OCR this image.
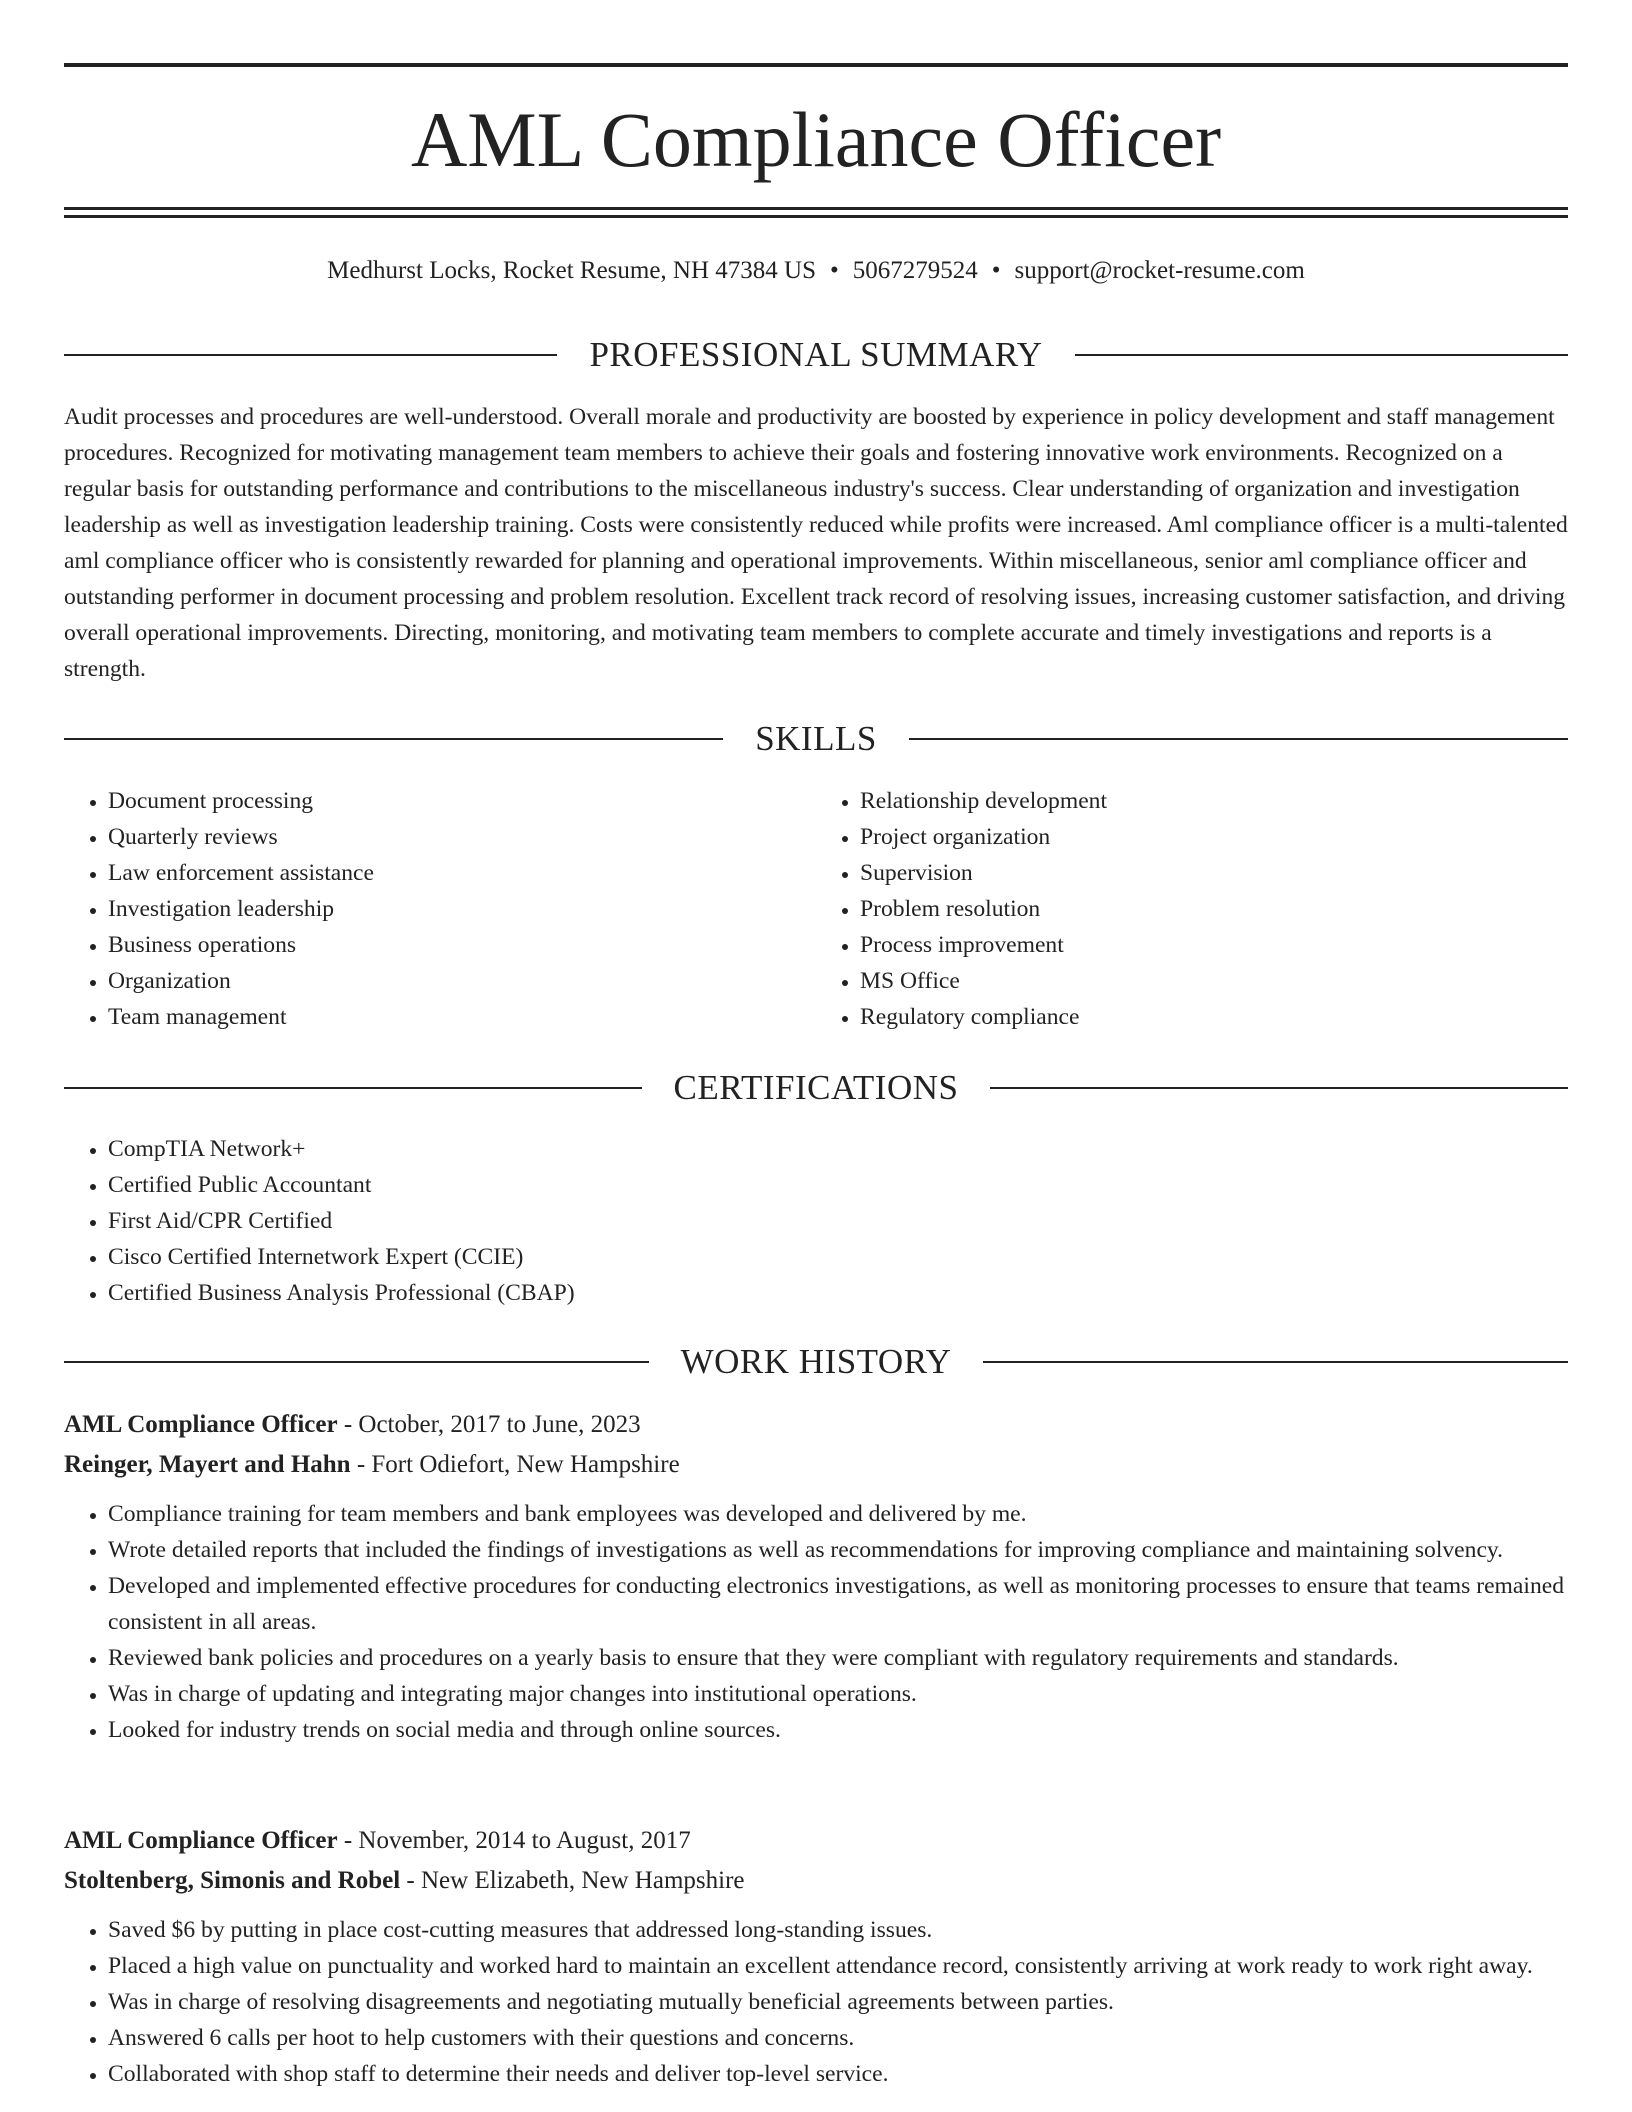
AML Compliance Officer
Medhurst Locks, Rocket Resume, NH 47384 US • 5067279524 • support@rocket-resume.com
PROFESSIONAL SUMMARY

Audit processes and procedures are well-understood. Overall morale and productivity are boosted by experience in policy development and staff management procedures. Recognized for motivating management team members to achieve their goals and fostering innovative work environments. Recognized on a regular basis for outstanding performance and contributions to the miscellaneous industry's success. Clear understanding of organization and investigation leadership as well as investigation leadership training. Costs were consistently reduced while profits were increased. Aml compliance officer is a multi-talented aml compliance officer who is consistently rewarded for planning and operational improvements. Within miscellaneous, senior aml compliance officer and outstanding performer in document processing and problem resolution. Excellent track record of resolving issues, increasing customer satisfaction, and driving overall operational improvements. Directing, monitoring, and motivating team members to complete accurate and timely investigations and reports is a strength.

SKILLS
• Document processing
• Quarterly reviews
• Law enforcement assistance
• Investigation leadership
• Business operations
• Organization
• Team management
• Relationship development
• Project organization
• Supervision
• Problem resolution
• Process improvement
• MS Office
• Regulatory compliance
CERTIFICATIONS
• CompTIA Network+
• Certified Public Accountant
• First Aid/CPR Certified
• Cisco Certified Internetwork Expert (CCIE)
• Certified Business Analysis Professional (CBAP)
WORK HISTORY
AML Compliance Officer - October, 2017 to June, 2023
Reinger, Mayert and Hahn - Fort Odiefort, New Hampshire
• Compliance training for team members and bank employees was developed and delivered by me.
• Wrote detailed reports that included the findings of investigations as well as recommendations for improving compliance and maintaining solvency.
• Developed and implemented effective procedures for conducting electronics investigations, as well as monitoring processes to ensure that teams remained consistent in all areas.
• Reviewed bank policies and procedures on a yearly basis to ensure that they were compliant with regulatory requirements and standards.
• Was in charge of updating and integrating major changes into institutional operations.
• Looked for industry trends on social media and through online sources.
AML Compliance Officer - November, 2014 to August, 2017
Stoltenberg, Simonis and Robel - New Elizabeth, New Hampshire
• Saved $6 by putting in place cost-cutting measures that addressed long-standing issues.
• Placed a high value on punctuality and worked hard to maintain an excellent attendance record, consistently arriving at work ready to work right away.
• Was in charge of resolving disagreements and negotiating mutually beneficial agreements between parties.
• Answered 6 calls per hoot to help customers with their questions and concerns.
• Collaborated with shop staff to determine their needs and deliver top-level service.
